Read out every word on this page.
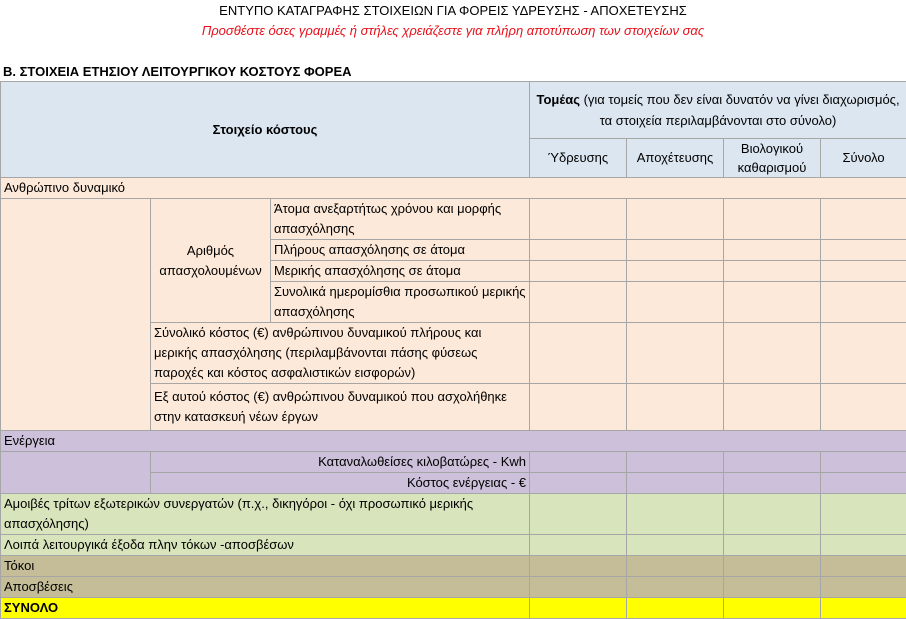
ΕΝΤΥΠΟ ΚΑΤΑΓΡΑΦΗΣ ΣΤΟΙΧΕΙΩΝ ΓΙΑ ΦΟΡΕΙΣ ΥΔΡΕΥΣΗΣ - ΑΠΟΧΕΤΕΥΣΗΣ
Προσθέστε όσες γραμμές ή στήλες χρειάζεστε για πλήρη αποτύπωση των στοιχείων σας
Β. ΣΤΟΙΧΕΙΑ ΕΤΗΣΙΟΥ ΛΕΙΤΟΥΡΓΙΚΟΥ ΚΟΣΤΟΥΣ ΦΟΡΕΑ
Στοιχείο κόστους			Τομέας (για τομείς που δεν είναι δυνατόν να γίνει διαχωρισμός, τα στοιχεία περιλαμβάνονται στο σύνολο)			
			Ύδρευσης	Αποχέτευσης	Βιολογικού καθαρισμού	Σύνολο
Ανθρώπινο δυναμικό						
	Αριθμός απασχολουμένων	Άτομα ανεξαρτήτως χρόνου και μορφής απασχόλησης				
		Πλήρους απασχόλησης σε άτομα				
		Μερικής απασχόλησης σε άτομα				
		Συνολικά ημερομίσθια προσωπικού μερικής απασχόλησης				
	Σύνολικό κόστος (€) ανθρώπινου δυναμικού πλήρους και μερικής απασχόλησης (περιλαμβάνονται πάσης φύσεως παροχές και κόστος ασφαλιστικών εισφορών)					
	Εξ αυτού κόστος (€) ανθρώπινου δυναμικού που ασχολήθηκε στην κατασκευή νέων έργων					
Ενέργεια						
	Καταναλωθείσες κιλοβατώρες - Kwh					
	Κόστος ενέργειας - €					
Αμοιβές τρίτων εξωτερικών συνεργατών (π.χ., δικηγόροι - όχι προσωπικό μερικής απασχόλησης)						
Λοιπά λειτουργικά έξοδα πλην τόκων -αποσβέσων						
Τόκοι						
Αποσβέσεις						
ΣΥΝΟΛΟ						
